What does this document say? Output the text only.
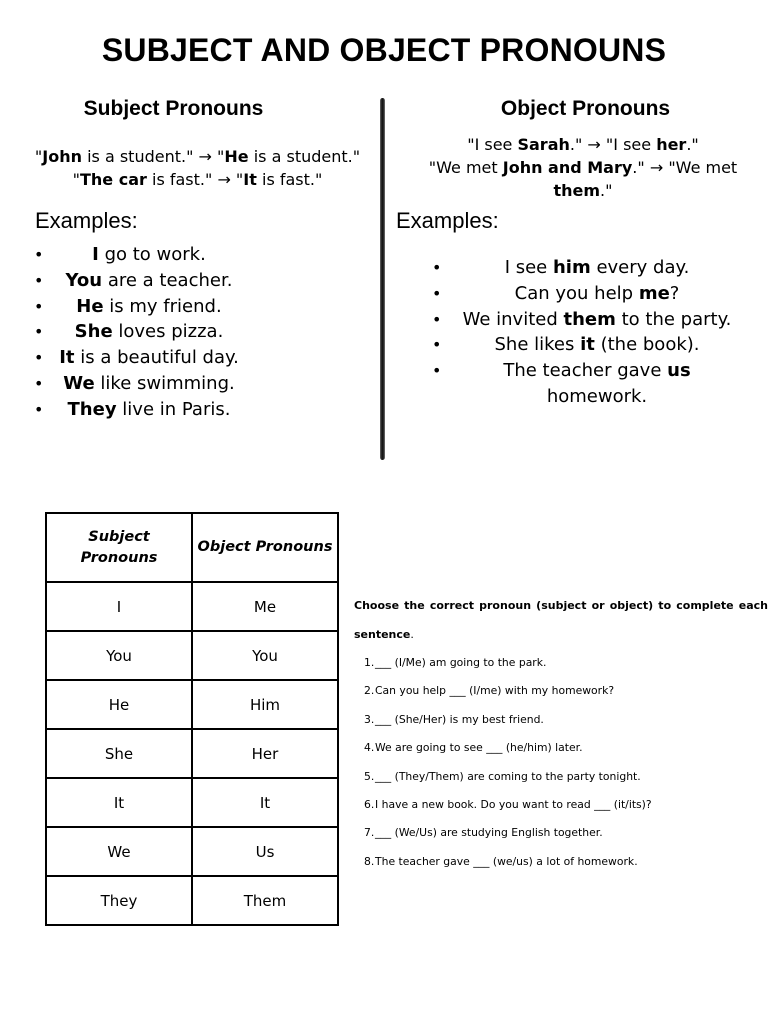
SUBJECT AND OBJECT PRONOUNS
Subject Pronouns	Object Pronouns
"John is a student." → "He is a student."
"The car is fast." → "It is fast."
"I see Sarah." → "I see her."
"We met John and Mary." → "We met them."
Examples:	Examples:
• I go to work.
• You are a teacher.
• He is my friend.
• She loves pizza.
• It is a beautiful day.
• We like swimming.
• They live in Paris.
• I see him every day.
• Can you help me?
• We invited them to the party.
• She likes it (the book).
• The teacher gave us homework.
Subject Pronouns	Object Pronouns
I	Me
You	You
He	Him
She	Her
It	It
We	Us
They	Them
Choose the correct pronoun (subject or object) to complete each sentence.
1.___ (I/Me) am going to the park.
2.Can you help ___ (I/me) with my homework?
3.___ (She/Her) is my best friend.
4.We are going to see ___ (he/him) later.
5.___ (They/Them) are coming to the party tonight.
6.I have a new book. Do you want to read ___ (it/its)?
7.___ (We/Us) are studying English together.
8.The teacher gave ___ (we/us) a lot of homework.
